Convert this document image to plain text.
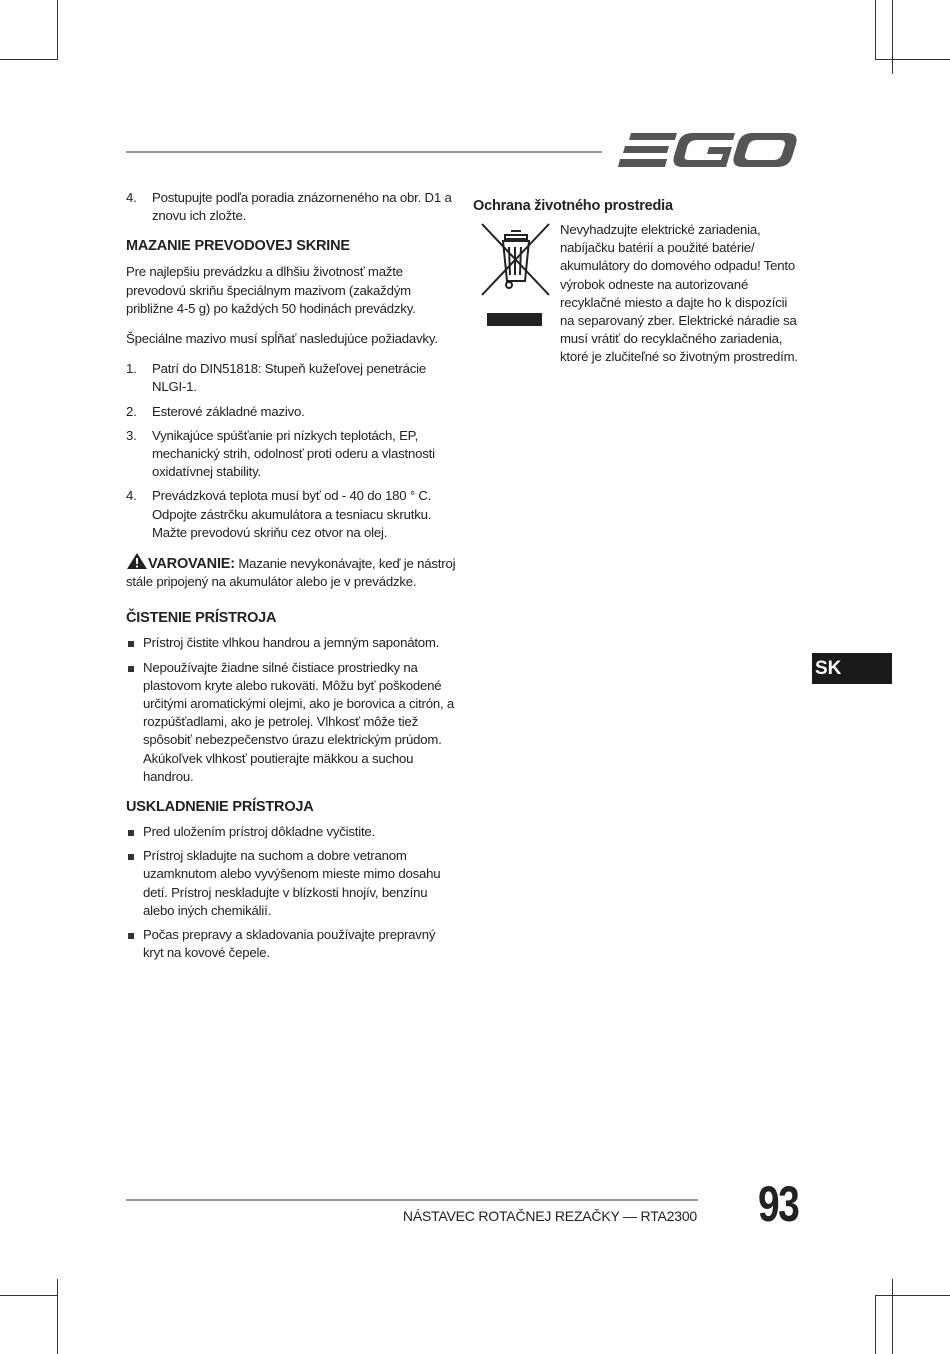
4. Postupujte podľa poradia znázorneného na obr. D1 a znovu ich zložte.
MAZANIE PREVODOVEJ SKRINE

Pre najlepšiu prevádzku a dlhšiu životnosť mažte prevodovú skriňu špeciálnym mazivom (zakaždým približne 4-5 g) po každých 50 hodinách prevádzky.

Špeciálne mazivo musí spĺňať nasledujúce požiadavky.

1. Patrí do DIN51818: Stupeň kužeľovej penetrácie NLGI-1.
2. Esterové základné mazivo.
3. Vynikajúce spúšťanie pri nízkych teplotách, EP, mechanický strih, odolnosť proti oderu a vlastnosti oxidatívnej stability.
4. Prevádzková teplota musí byť od - 40 do 180 ° C. Odpojte zástrčku akumulátora a tesniacu skrutku. Mažte prevodovú skriňu cez otvor na olej.

VAROVANIE: Mazanie nevykonávajte, keď je nástroj stále pripojený na akumulátor alebo je v prevádzke.

ČISTENIE PRÍSTROJA
Prístroj čistite vlhkou handrou a jemným saponátom.
Nepoužívajte žiadne silné čistiace prostriedky na plastovom kryte alebo rukoväti. Môžu byť poškodené určitými aromatickými olejmi, ako je borovica a citrón, a rozpúšťadlami, ako je petrolej. Vlhkosť môže tiež spôsobiť nebezpečenstvo úrazu elektrickým prúdom. Akúkoľvek vlhkosť poutierajte mäkkou a suchou handrou.
USKLADNENIE PRÍSTROJA
Pred uložením prístroj dôkladne vyčistite.
Prístroj skladujte na suchom a dobre vetranom uzamknutom alebo vyvýšenom mieste mimo dosahu detí. Prístroj neskladujte v blízkosti hnojív, benzínu alebo iných chemikálií.
Počas prepravy a skladovania používajte prepravný kryt na kovové čepele.
Ochrana životného prostredia

Nevyhadzujte elektrické zariadenia, nabíjačku batérií a použité batérie/ akumulátory do domového odpadu! Tento výrobok odneste na autorizované recyklačné miesto a dajte ho k dispozícii na separovaný zber. Elektrické náradie sa musí vrátiť do recyklačného zariadenia, ktoré je zlučiteľné so životným prostredím.

SK
NÁSTAVEC ROTAČNEJ REZAČKY — RTA2300 93
